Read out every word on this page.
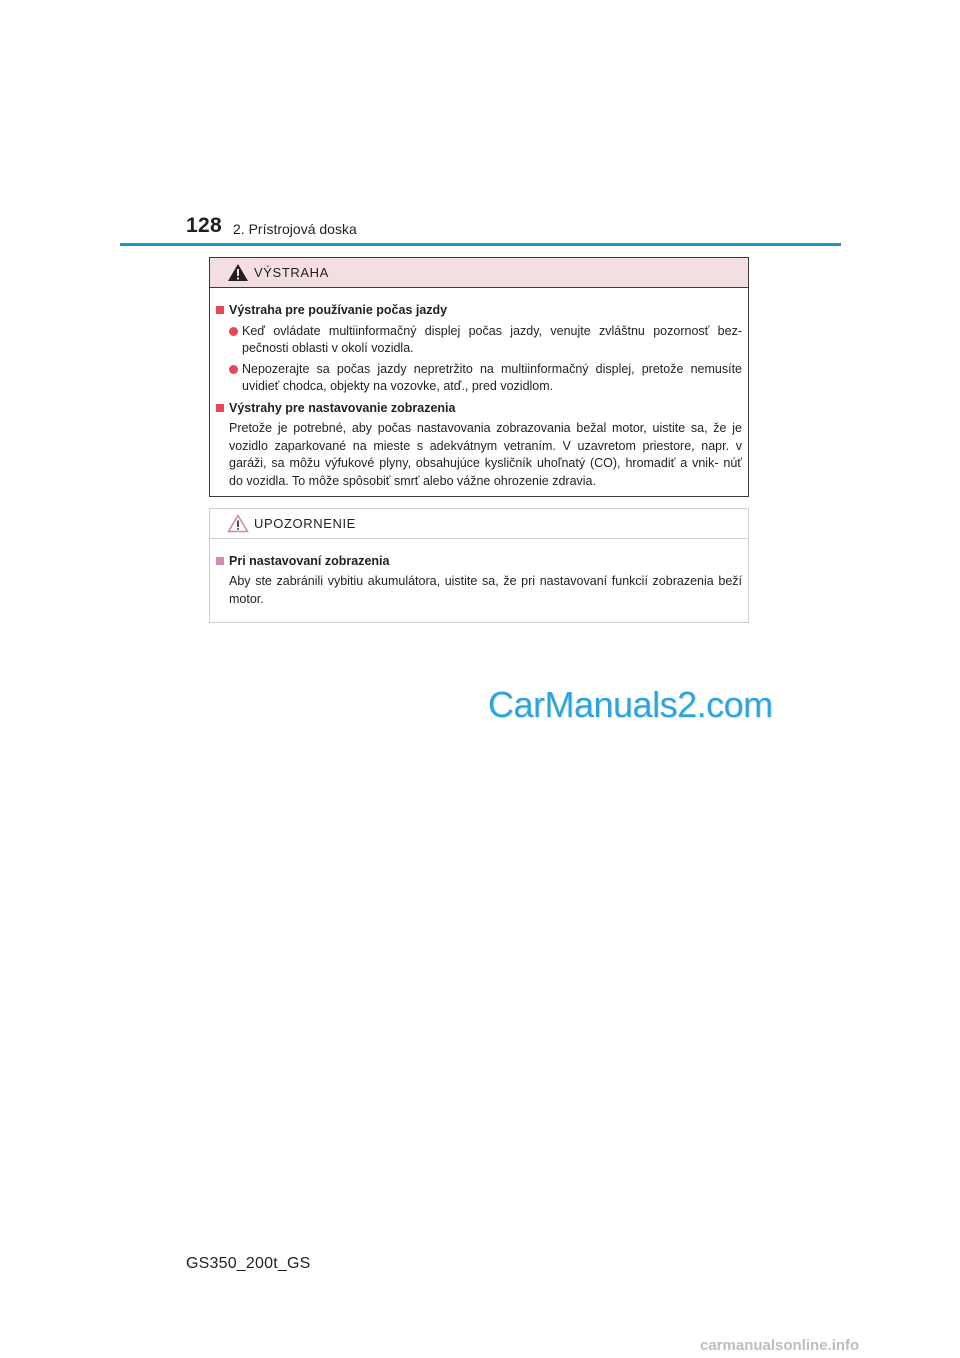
128 2. Prístrojová doska
VÝSTRAHA
Výstraha pre používanie počas jazdy
Keď ovládate multiinformačný displej počas jazdy, venujte zvláštnu pozornosť bez- pečnosti oblasti v okolí vozidla.
Nepozerajte sa počas jazdy nepretržito na multiinformačný displej, pretože nemusíte uvidieť chodca, objekty na vozovke, atď., pred vozidlom.
Výstrahy pre nastavovanie zobrazenia
Pretože je potrebné, aby počas nastavovania zobrazovania bežal motor, uistite sa, že je vozidlo zaparkované na mieste s adekvátnym vetraním. V uzavretom priestore, napr. v garáži, sa môžu výfukové plyny, obsahujúce kysličník uhoľnatý (CO), hromadiť a vnik- núť do vozidla. To môže spôsobiť smrť alebo vážne ohrozenie zdravia.
UPOZORNENIE
Pri nastavovaní zobrazenia
Aby ste zabránili vybitiu akumulátora, uistite sa, že pri nastavovaní funkcií zobrazenia beží motor.
CarManuals2.com
GS350_200t_GS
carmanualsonline.info
